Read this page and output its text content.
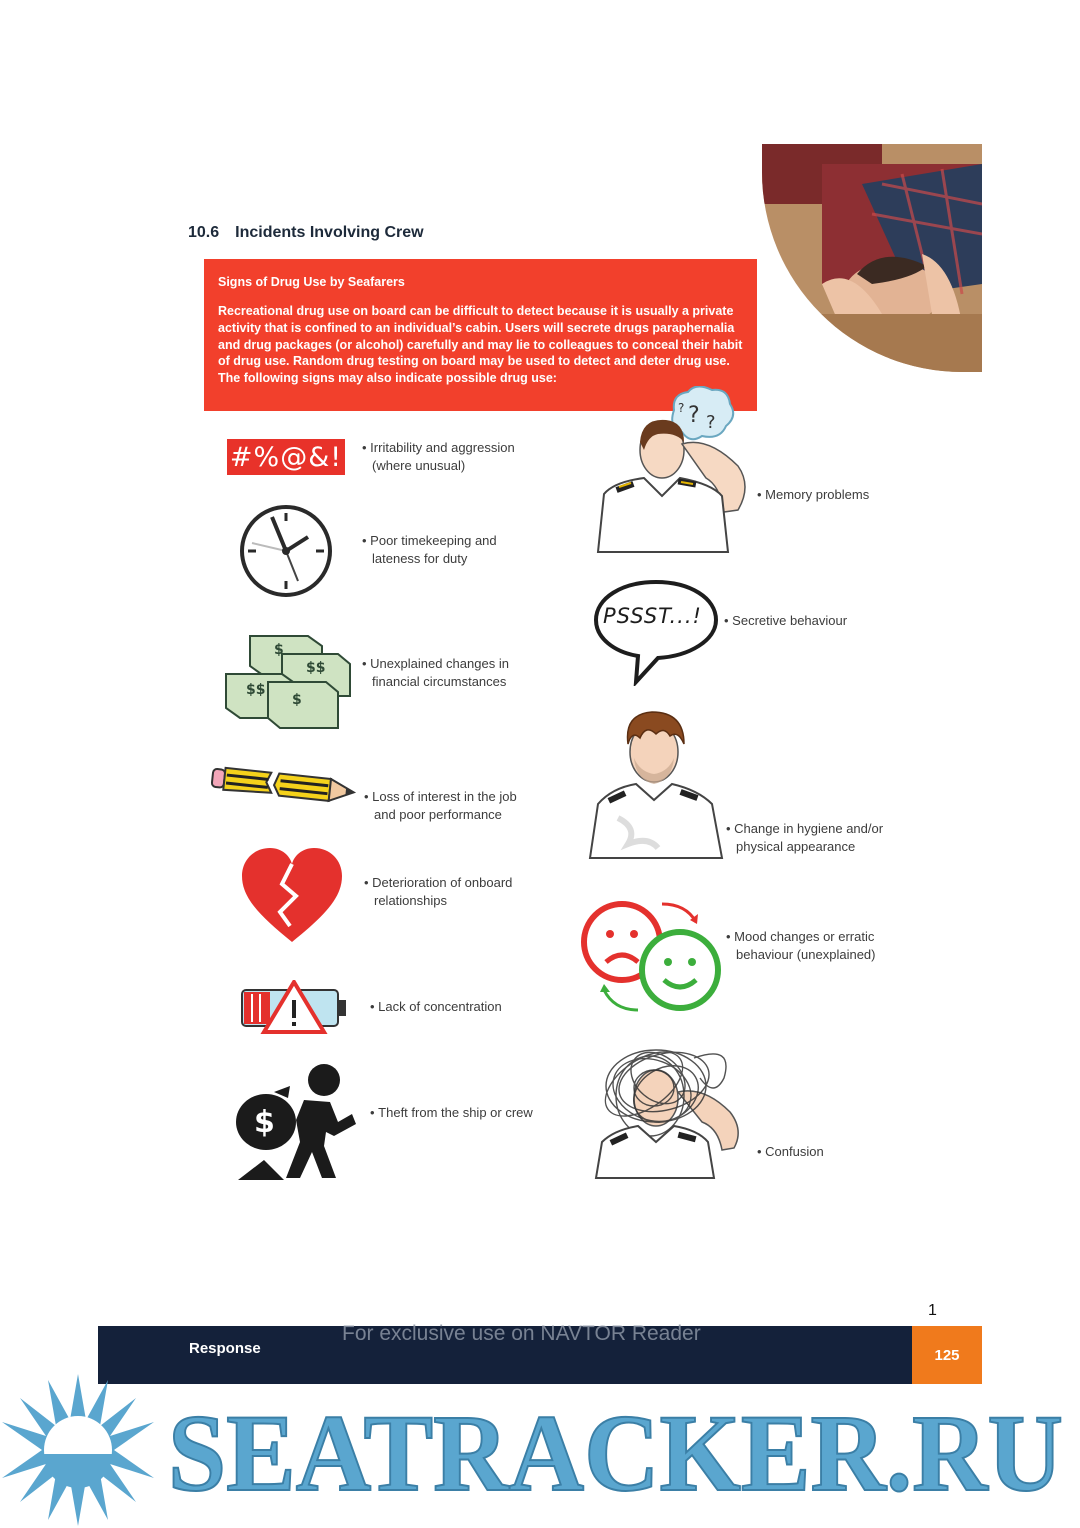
10.6 Incidents Involving Crew
Signs of Drug Use by Seafarers
Recreational drug use on board can be difficult to detect because it is usually a private activity that is confined to an individual’s cabin. Users will secrete drugs paraphernalia and drug packages (or alcohol) carefully and may lie to colleagues to conceal their habit of drug use. Random drug testing on board may be used to detect and deter drug use. The following signs may also indicate possible drug use:
#%@&!
$
$$
$$
$
$
• Irritability and aggression
(where unusual)
• Poor timekeeping and
lateness for duty
• Unexplained changes in
financial circumstances
• Loss of interest in the job
and poor performance
• Deterioration of onboard
relationships
• Lack of concentration
• Theft from the ship or crew
? ?
?
PSSST...!
• Memory problems
• Secretive behaviour
• Change in hygiene and/or
physical appearance
• Mood changes or erratic
behaviour (unexplained)
• Confusion
1
Response
For exclusive use on NAVTOR Reader
125
SEATRACKER.RU
